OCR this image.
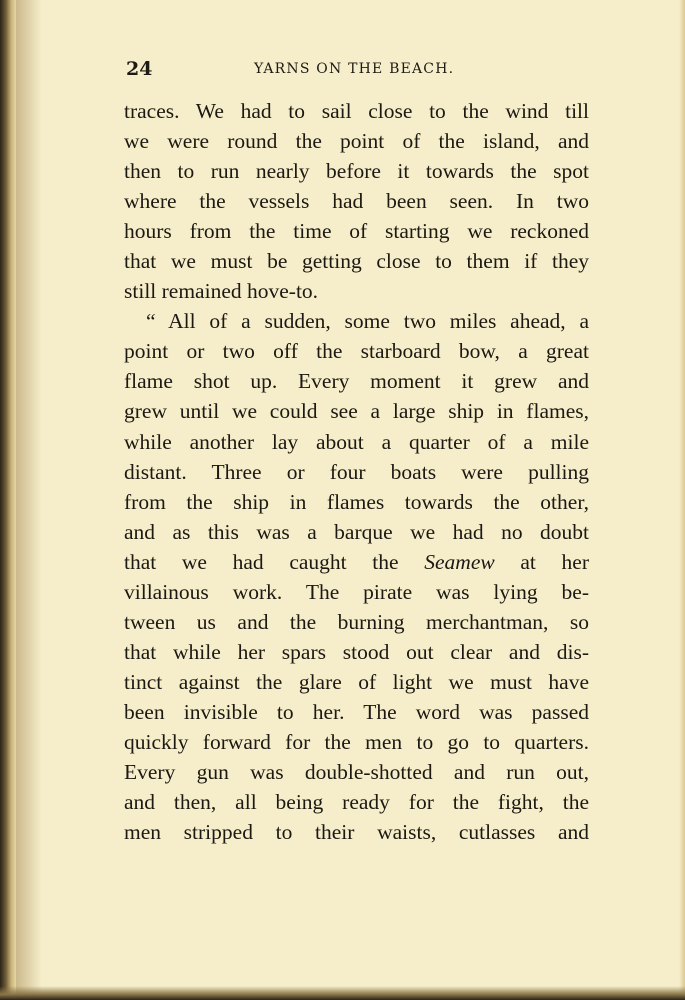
24	YARNS ON THE BEACH.
traces. We had to sail close to the wind till
we were round the point of the island, and
then to run nearly before it towards the spot
where the vessels had been seen. In two
hours from the time of starting we reckoned
that we must be getting close to them if they
still remained hove-to.
“ All of a sudden, some two miles ahead, a
point or two off the starboard bow, a great
flame shot up. Every moment it grew and
grew until we could see a large ship in flames,
while another lay about a quarter of a mile
distant. Three or four boats were pulling
from the ship in flames towards the other,
and as this was a barque we had no doubt
that we had caught the Seamew at her
villainous work. The pirate was lying be-
tween us and the burning merchantman, so
that while her spars stood out clear and dis-
tinct against the glare of light we must have
been invisible to her. The word was passed
quickly forward for the men to go to quarters.
Every gun was double-shotted and run out,
and then, all being ready for the fight, the
men stripped to their waists, cutlasses and
